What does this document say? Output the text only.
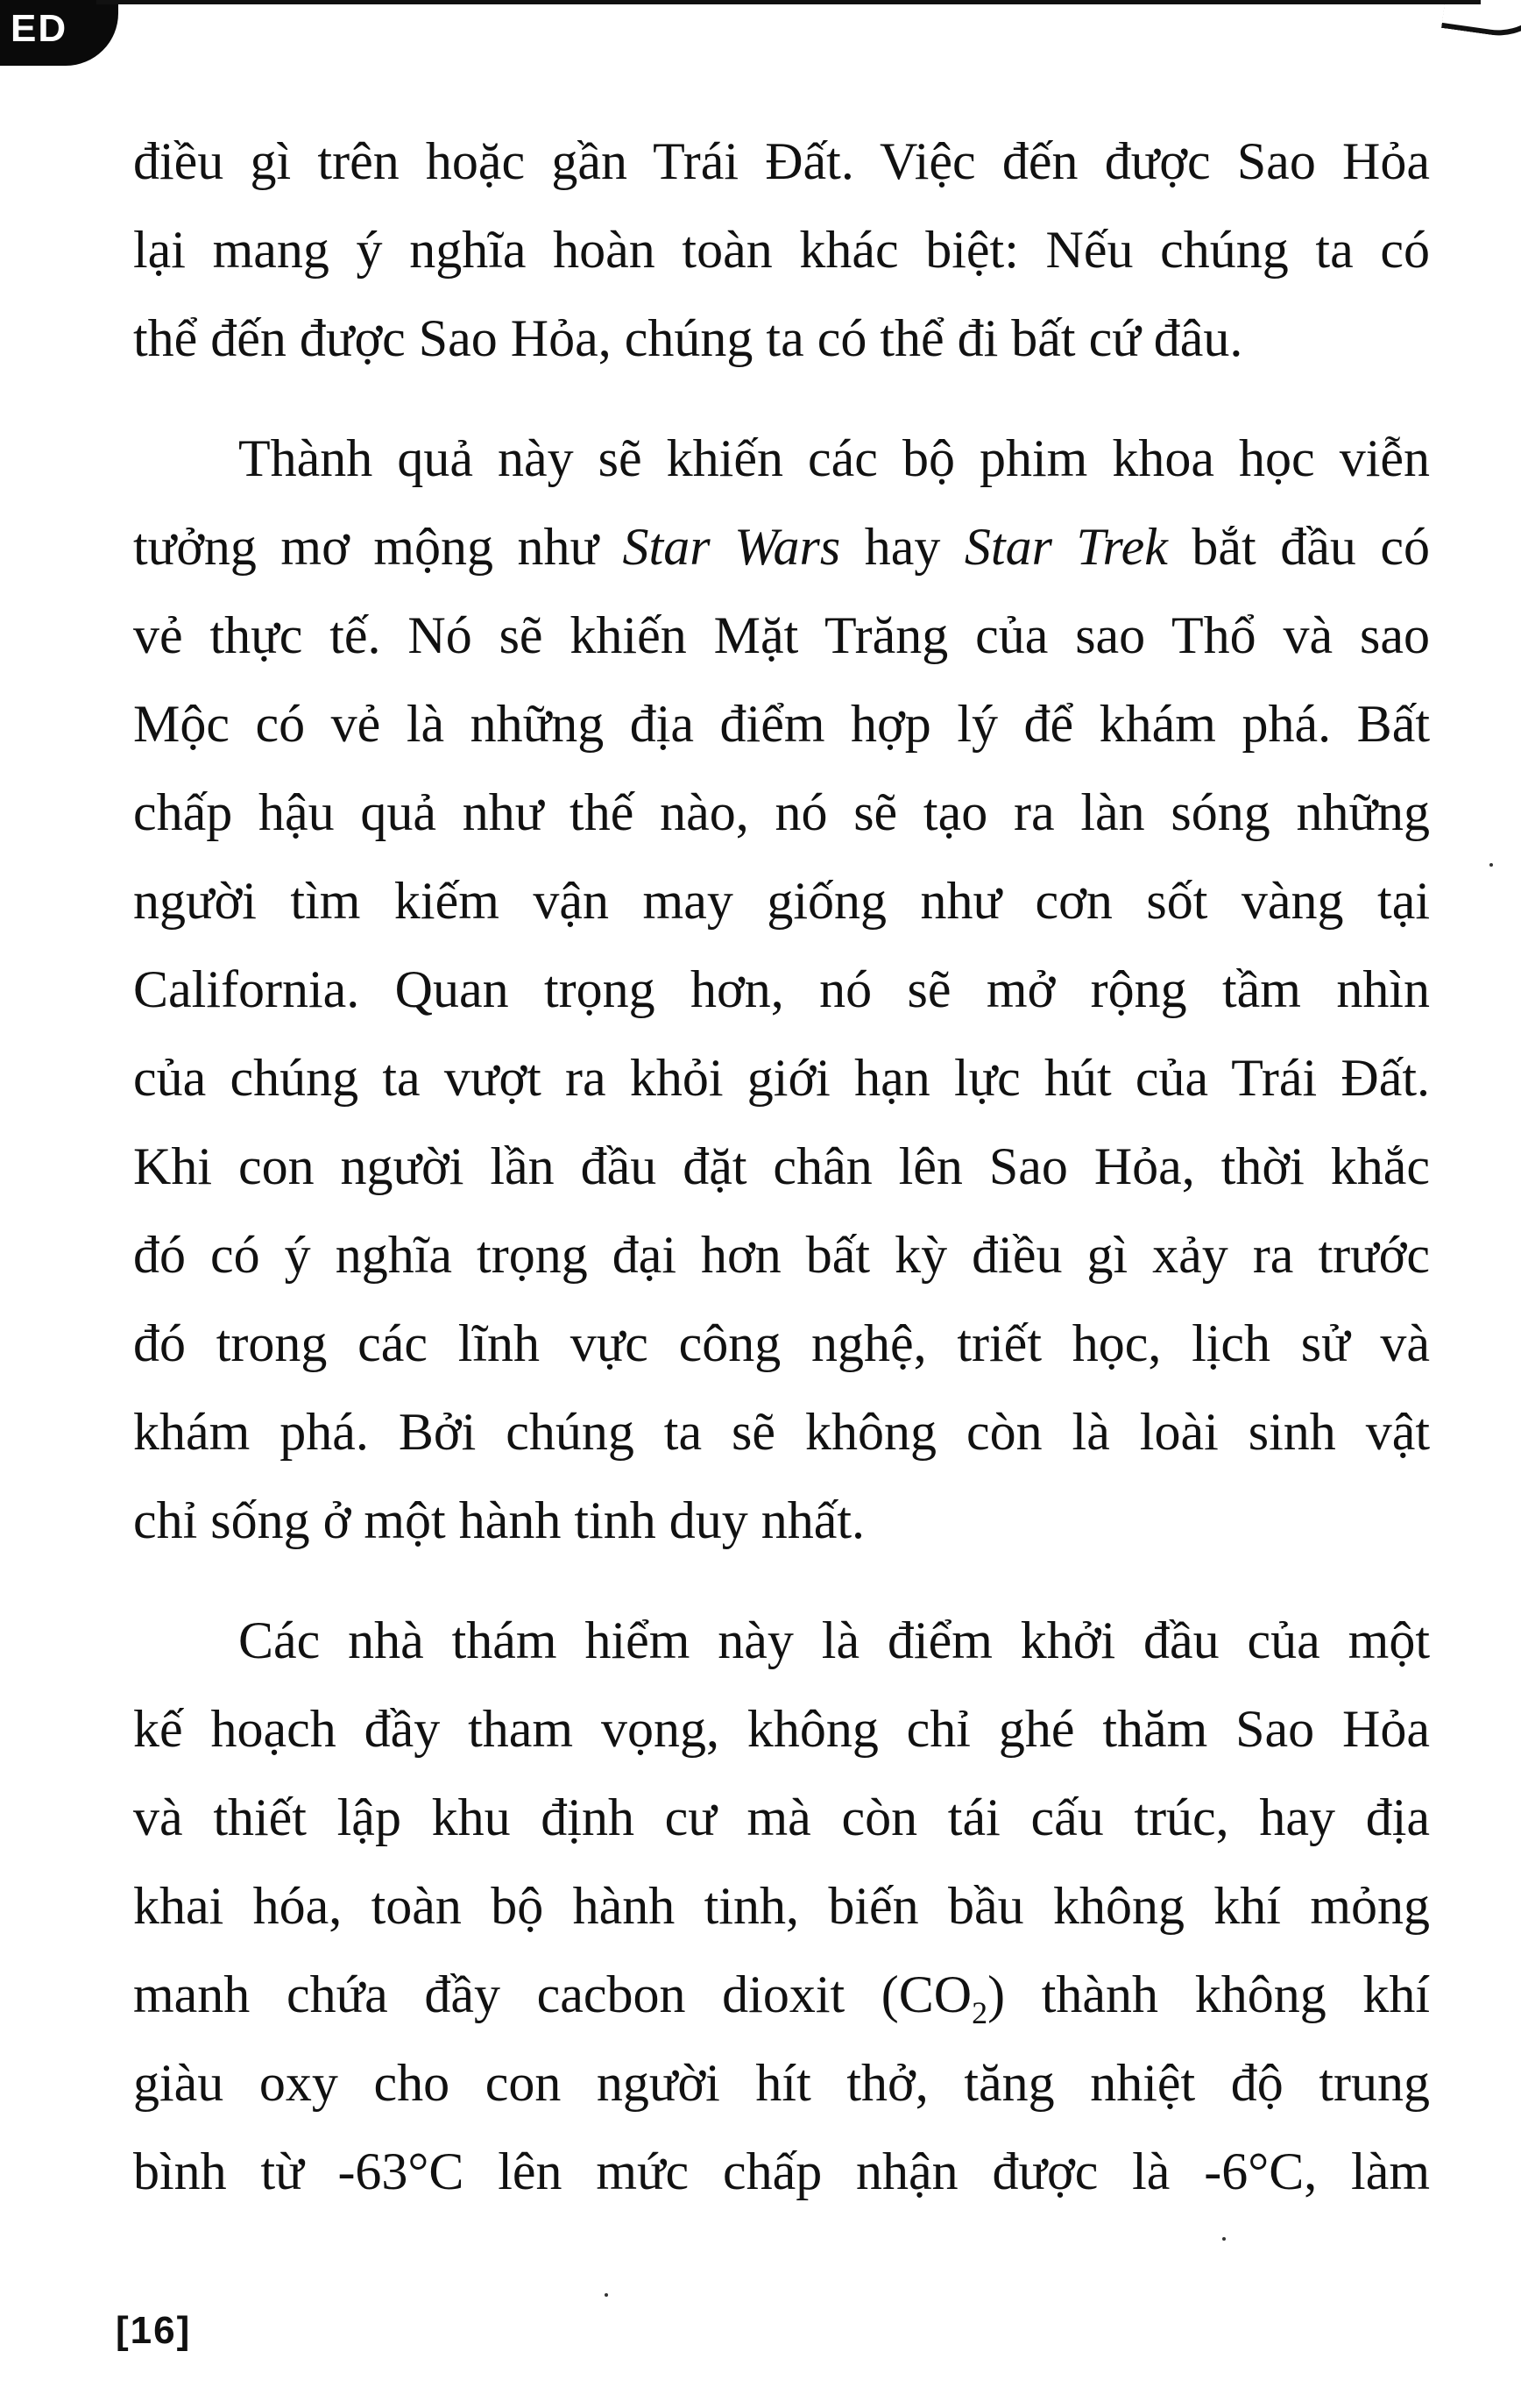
ED
điều gì trên hoặc gần Trái Đất. Việc đến được Sao Hỏa
lại mang ý nghĩa hoàn toàn khác biệt: Nếu chúng ta có
thể đến được Sao Hỏa, chúng ta có thể đi bất cứ đâu.
Thành quả này sẽ khiến các bộ phim khoa học viễn
tưởng mơ mộng như Star Wars hay Star Trek bắt đầu có
vẻ thực tế. Nó sẽ khiến Mặt Trăng của sao Thổ và sao
Mộc có vẻ là những địa điểm hợp lý để khám phá. Bất
chấp hậu quả như thế nào, nó sẽ tạo ra làn sóng những
người tìm kiếm vận may giống như cơn sốt vàng tại
California. Quan trọng hơn, nó sẽ mở rộng tầm nhìn
của chúng ta vượt ra khỏi giới hạn lực hút của Trái Đất.
Khi con người lần đầu đặt chân lên Sao Hỏa, thời khắc
đó có ý nghĩa trọng đại hơn bất kỳ điều gì xảy ra trước
đó trong các lĩnh vực công nghệ, triết học, lịch sử và
khám phá. Bởi chúng ta sẽ không còn là loài sinh vật
chỉ sống ở một hành tinh duy nhất.
Các nhà thám hiểm này là điểm khởi đầu của một
kế hoạch đầy tham vọng, không chỉ ghé thăm Sao Hỏa
và thiết lập khu định cư mà còn tái cấu trúc, hay địa
khai hóa, toàn bộ hành tinh, biến bầu không khí mỏng
manh chứa đầy cacbon dioxit $(CO_2)$ thành không khí
giàu oxy cho con người hít thở, tăng nhiệt độ trung
bình từ -63°C lên mức chấp nhận được là -6°C, làm
[16]
